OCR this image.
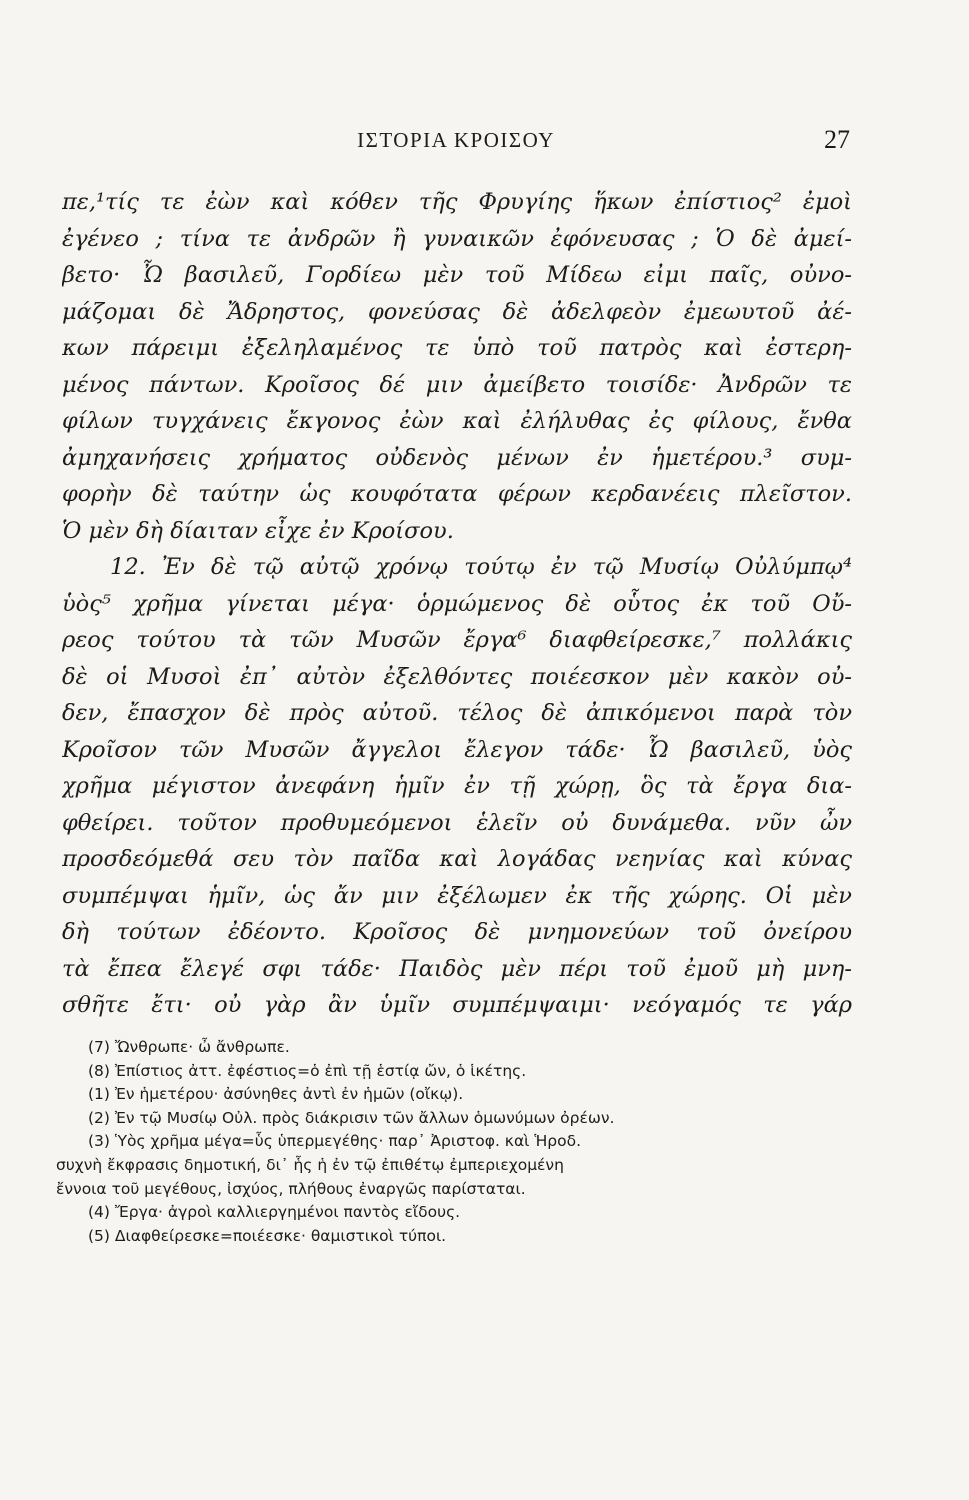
ΙΣΤΟΡΙΑ ΚΡΟΙΣΟΥ	27
πε,¹τίς τε ἐὼν καὶ κόθεν τῆς Φρυγίης ἥκων ἐπίστιος² ἐμοὶ
ἐγένεο ; τίνα τε ἀνδρῶν ἢ γυναικῶν ἐφόνευσας ; Ὁ δὲ ἀμεί-
βετο· Ὦ βασιλεῦ, Γορδίεω μὲν τοῦ Μίδεω εἰμι παῖς, οὐνο-
μάζομαι δὲ Ἄδρηστος, φονεύσας δὲ ἀδελφεὸν ἐμεωυτοῦ ἀέ-
κων πάρειμι ἐξεληλαμένος τε ὑπὸ τοῦ πατρὸς καὶ ἐστερη-
μένος πάντων. Κροῖσος δέ μιν ἀμείβετο τοισίδε· Ἀνδρῶν τε
φίλων τυγχάνεις ἔκγονος ἐὼν καὶ ἐλήλυθας ἐς φίλους, ἔνθα
ἀμηχανήσεις χρήματος οὐδενὸς μένων ἐν ἡμετέρου.³ συμ-
φορὴν δὲ ταύτην ὡς κουφότατα φέρων κερδανέεις πλεῖστον.
Ὁ μὲν δὴ δίαιταν εἶχε ἐν Κροίσου.
12. Ἐν δὲ τῷ αὐτῷ χρόνῳ τούτῳ ἐν τῷ Μυσίῳ Οὐλύμπῳ⁴
ὑὸς⁵ χρῆμα γίνεται μέγα· ὁρμώμενος δὲ οὗτος ἐκ τοῦ Οὔ-
ρεος τούτου τὰ τῶν Μυσῶν ἔργα⁶ διαφθείρεσκε,⁷ πολλάκις
δὲ οἱ Μυσοὶ ἐπ᾽ αὐτὸν ἐξελθόντες ποιέεσκον μὲν κακὸν οὐ-
δεν, ἔπασχον δὲ πρὸς αὐτοῦ. τέλος δὲ ἀπικόμενοι παρὰ τὸν
Κροῖσον τῶν Μυσῶν ἄγγελοι ἔλεγον τάδε· Ὦ βασιλεῦ, ὑὸς
χρῆμα μέγιστον ἀνεφάνη ἡμῖν ἐν τῇ χώρῃ, ὃς τὰ ἔργα δια-
φθείρει. τοῦτον προθυμεόμενοι ἑλεῖν οὐ δυνάμεθα. νῦν ὦν
προσδεόμεθά σευ τὸν παῖδα καὶ λογάδας νεηνίας καὶ κύνας
συμπέμψαι ἡμῖν, ὡς ἄν μιν ἐξέλωμεν ἐκ τῆς χώρης. Οἱ μὲν
δὴ τούτων ἐδέοντο. Κροῖσος δὲ μνημονεύων τοῦ ὀνείρου
τὰ ἔπεα ἔλεγέ σφι τάδε· Παιδὸς μὲν πέρι τοῦ ἐμοῦ μὴ μνη-
σθῆτε ἔτι· οὐ γὰρ ἂν ὑμῖν συμπέμψαιμι· νεόγαμός τε γάρ
(7) Ὤνθρωπε· ὦ ἄνθρωπε.
(8) Ἐπίστιος ἀττ. ἐφέστιος=ὁ ἐπὶ τῇ ἑστίᾳ ὤν, ὁ ἱκέτης.
(1) Ἐν ἡμετέρου· ἀσύνηθες ἀντὶ ἐν ἡμῶν (οἴκῳ).
(2) Ἐν τῷ Μυσίῳ Οὐλ. πρὸς διάκρισιν τῶν ἄλλων ὁμωνύμων ὀρέων.
(3) Ὑὸς χρῆμα μέγα=ὗς ὑπερμεγέθης· παρ᾽ Ἀριστοφ. καὶ Ἡροδ.
συχνὴ ἔκφρασις δημοτική, δι᾽ ἧς ἡ ἐν τῷ ἐπιθέτῳ ἐμπεριεχομένη
ἔννοια τοῦ μεγέθους, ἰσχύος, πλήθους ἐναργῶς παρίσταται.
(4) Ἔργα· ἀγροὶ καλλιεργημένοι παντὸς εἴδους.
(5) Διαφθείρεσκε=ποιέεσκε· θαμιστικοὶ τύποι.
